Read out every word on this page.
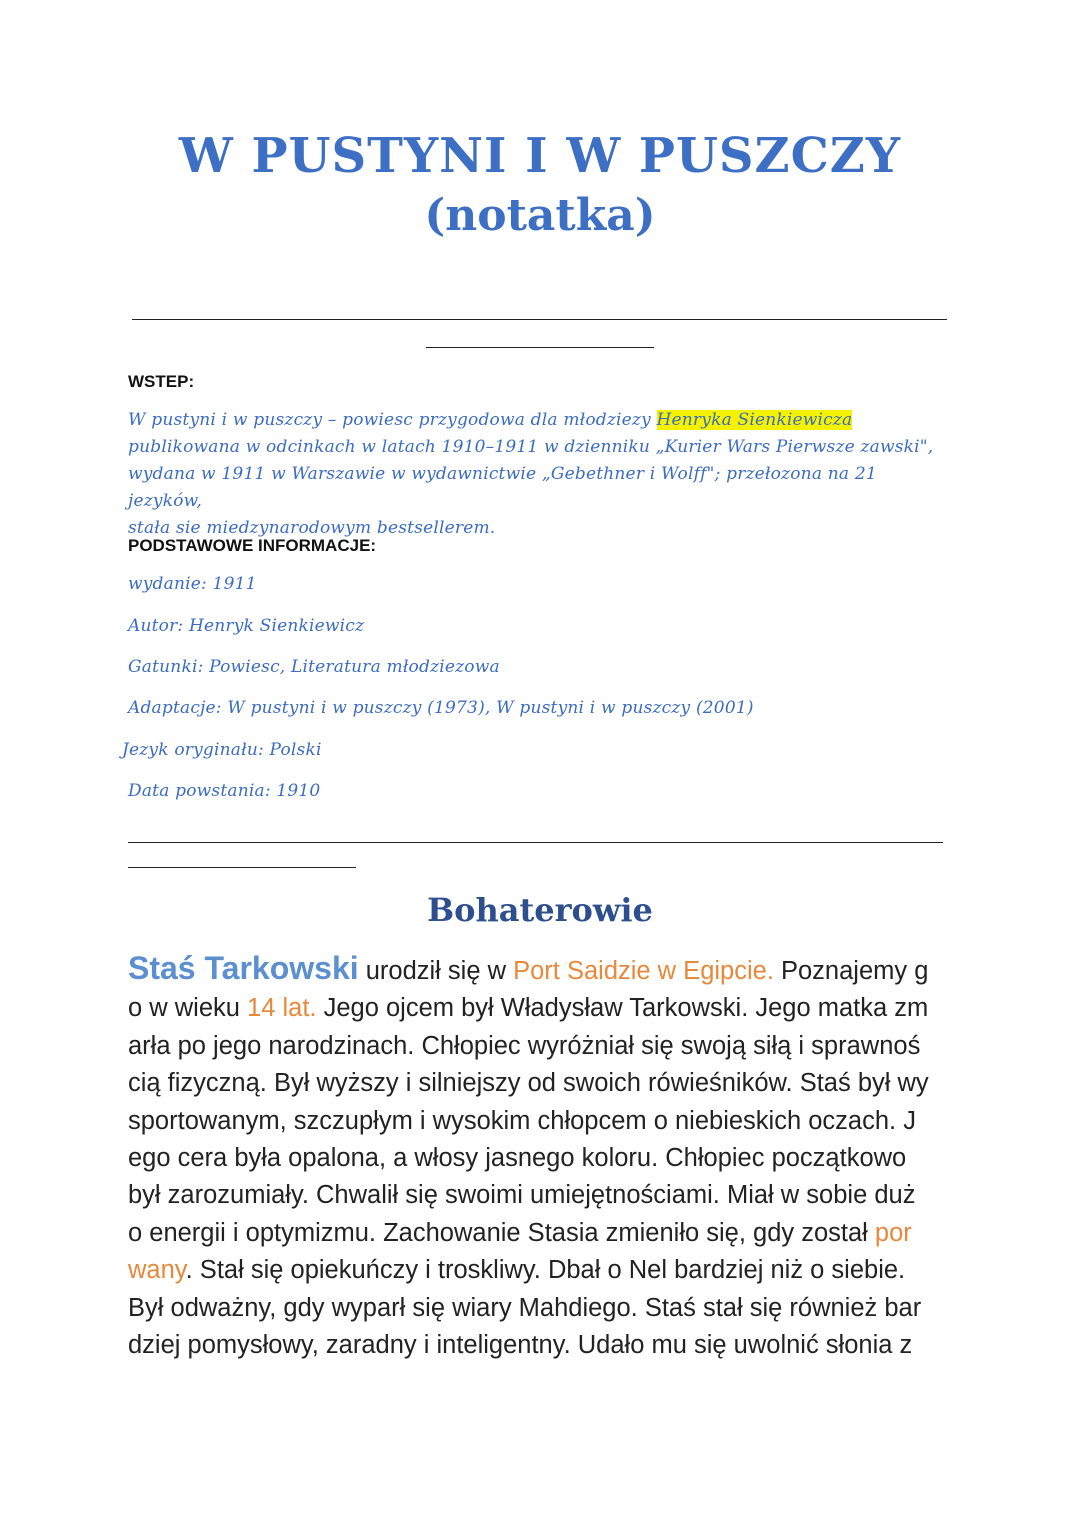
W PUSTYNI I W PUSZCZY
(notatka)
WSTEP:

W pustyni i w puszczy – powiesc przygodowa dla młodziezy Henryka Sienkiewicza
publikowana w odcinkach w latach 1910–1911 w dzienniku „Kurier Wars Pierwsze zawski",
wydana w 1911 w Warszawie w wydawnictwie „Gebethner i Wolff"; przełozona na 21 jezyków,
stała sie miedzynarodowym bestsellerem.

PODSTAWOWE INFORMACJE:
wydanie: 1911
Autor: Henryk Sienkiewicz
Gatunki: Powiesc, Literatura młodziezowa
Adaptacje: W pustyni i w puszczy (1973), W pustyni i w puszczy (2001)
Jezyk oryginału: Polski
Data powstania: 1910
Bohaterowie
Staś Tarkowski urodził się w Port Saidzie w Egipcie. Poznajemy g
o w wieku 14 lat. Jego ojcem był Władysław Tarkowski. Jego matka zm
arła po jego narodzinach. Chłopiec wyróżniał się swoją siłą i sprawnoś
cią fizyczną. Był wyższy i silniejszy od swoich rówieśników. Staś był wy
sportowanym, szczupłym i wysokim chłopcem o niebieskich oczach. J
ego cera była opalona, a włosy jasnego koloru. Chłopiec początkowo
był zarozumiały. Chwalił się swoimi umiejętnościami. Miał w sobie duż
o energii i optymizmu. Zachowanie Stasia zmieniło się, gdy został por
wany. Stał się opiekuńczy i troskliwy. Dbał o Nel bardziej niż o siebie.
Był odważny, gdy wyparł się wiary Mahdiego. Staś stał się również bar
dziej pomysłowy, zaradny i inteligentny. Udało mu się uwolnić słonia z
